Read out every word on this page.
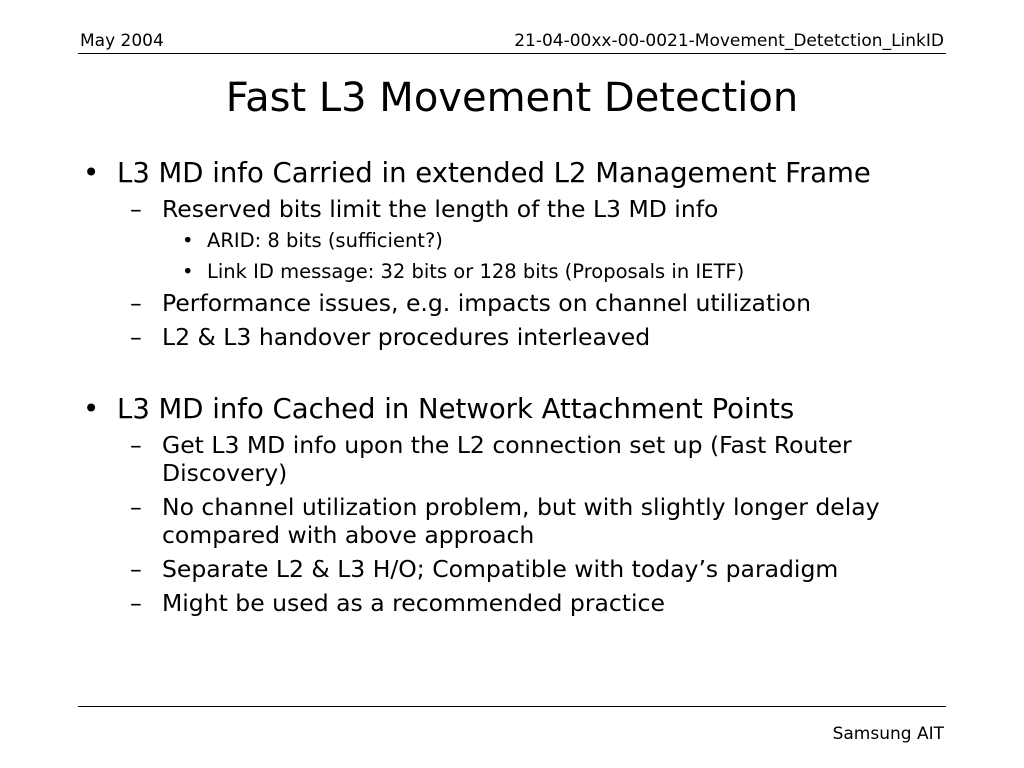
May 2004	21-04-00xx-00-0021-Movement_Detetction_LinkID
Fast L3 Movement Detection
• L3 MD info Carried in extended L2 Management Frame
– Reserved bits limit the length of the L3 MD info
• ARID: 8 bits (sufficient?)
• Link ID message: 32 bits or 128 bits (Proposals in IETF)
– Performance issues, e.g. impacts on channel utilization
– L2 & L3 handover procedures interleaved
• L3 MD info Cached in Network Attachment Points
– Get L3 MD info upon the L2 connection set up (Fast Router Discovery)
– No channel utilization problem, but with slightly longer delay compared with above approach
– Separate L2 & L3 H/O; Compatible with today’s paradigm
– Might be used as a recommended practice
Samsung AIT
